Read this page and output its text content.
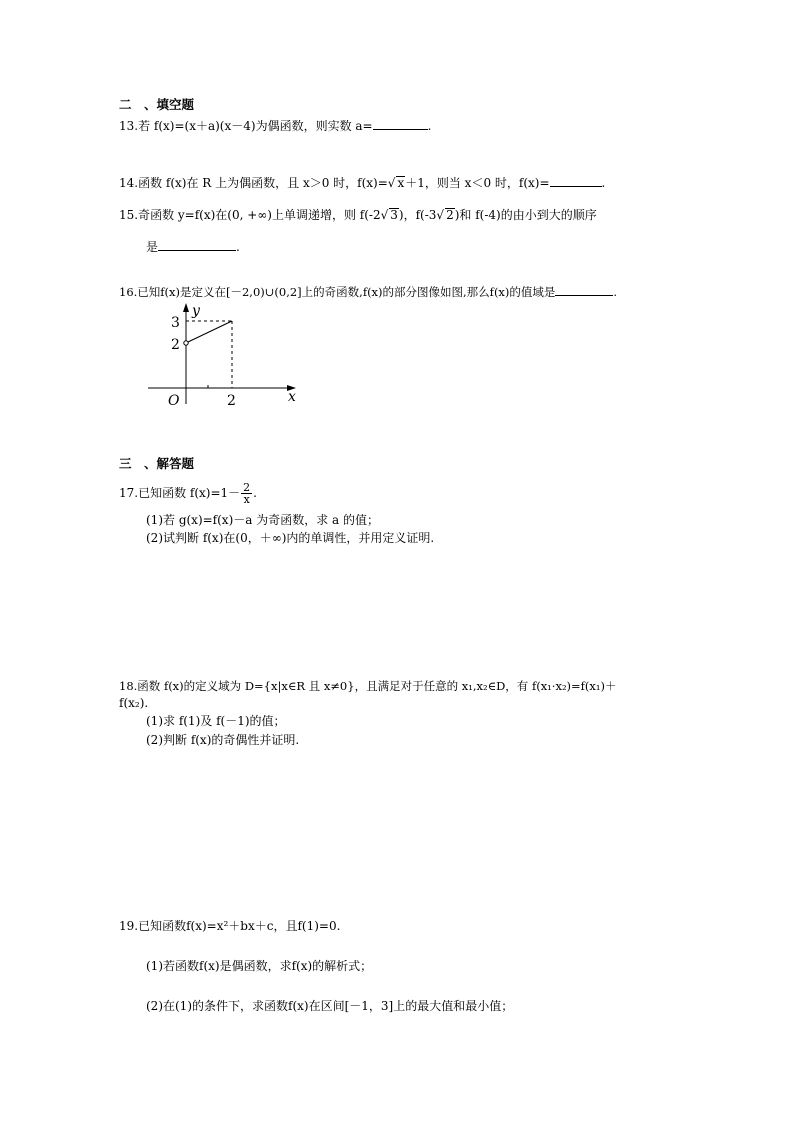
二　、填空题
13.若 f(x)=(x＋a)(x－4)为偶函数，则实数 a=	.
14.函数 f(x)在 R 上为偶函数，且 x＞0 时，f(x)=√ x＋1，则当 x＜0 时，f(x)=	.
15.奇函数 y=f(x)在(0, +∞)上单调递增，则 f(-2√ 3)，f(-3√ 2)和 f(-4)的由小到大的顺序
是	.
16.已知f(x)是定义在[－2,0)∪(0,2]上的奇函数,f(x)的部分图像如图,那么f(x)的值域是	.
y
x
O
3
2
2
三　、解答题
17.已知函数 $f(x)=1- \frac{2}{x}$ .
(1)若 g(x)=f(x)－a 为奇函数，求 a 的值；
(2)试判断 f(x)在(0，＋∞)内的单调性，并用定义证明.
18.函数 f(x)的定义域为 D={x|x∈R 且 x≠0}，且满足对于任意的 x₁,x₂∈D，有 f(x₁·x₂)=f(x₁)＋
f(x₂).
(1)求 f(1)及 f(－1)的值；
(2)判断 f(x)的奇偶性并证明.
19.已知函数f(x)=x²＋bx＋c，且f(1)=0.
(1)若函数f(x)是偶函数，求f(x)的解析式；
(2)在(1)的条件下，求函数f(x)在区间[－1，3]上的最大值和最小值；
